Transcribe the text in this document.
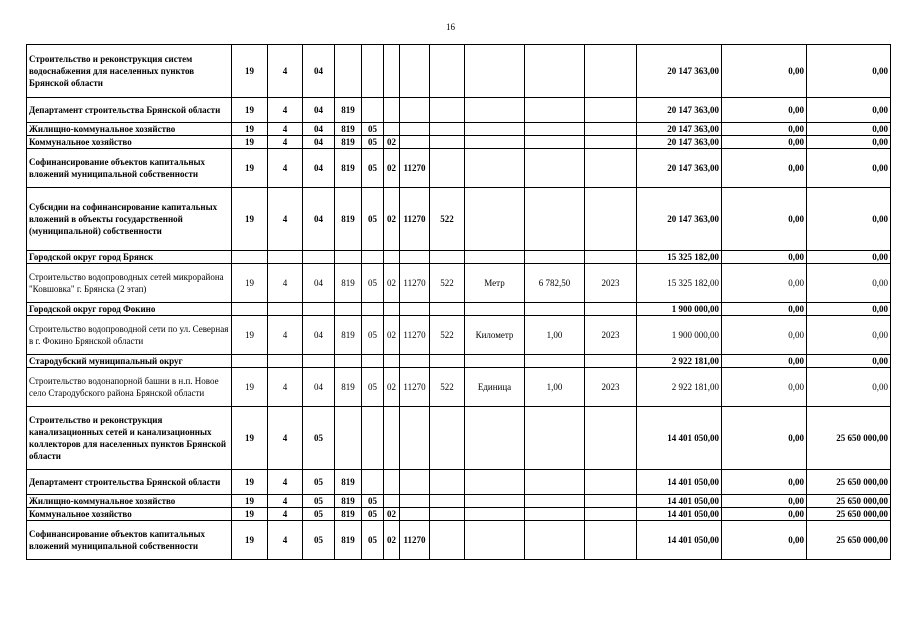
16
Строительство и реконструкция систем водоснабжения для населенных пунктов Брянской области	19	4	04									20 147 363,00	0,00	0,00
Департамент строительства Брянской области	19	4	04	819								20 147 363,00	0,00	0,00
Жилищно-коммунальное хозяйство	19	4	04	819	05							20 147 363,00	0,00	0,00
Коммунальное хозяйство	19	4	04	819	05	02						20 147 363,00	0,00	0,00
Софинансирование объектов капитальных вложений муниципальной собственности	19	4	04	819	05	02	11270					20 147 363,00	0,00	0,00
Субсидии на софинансирование капитальных вложений в объекты государственной (муниципальной) собственности	19	4	04	819	05	02	11270	522				20 147 363,00	0,00	0,00
Городской округ город Брянск												15 325 182,00	0,00	0,00
Строительство водопроводных сетей микрорайона "Ковшовка" г. Брянска (2 этап)	19	4	04	819	05	02	11270	522	Метр	6 782,50	2023	15 325 182,00	0,00	0,00
Городской округ город Фокино												1 900 000,00	0,00	0,00
Строительство водопроводной сети по ул. Северная в г. Фокино Брянской области	19	4	04	819	05	02	11270	522	Километр	1,00	2023	1 900 000,00	0,00	0,00
Стародубский муниципальный округ												2 922 181,00	0,00	0,00
Строительство водонапорной башни в н.п. Новое село Стародубского района Брянской области	19	4	04	819	05	02	11270	522	Единица	1,00	2023	2 922 181,00	0,00	0,00
Строительство и реконструкция канализационных сетей и канализационных коллекторов для населенных пунктов Брянской области	19	4	05									14 401 050,00	0,00	25 650 000,00
Департамент строительства Брянской области	19	4	05	819								14 401 050,00	0,00	25 650 000,00
Жилищно-коммунальное хозяйство	19	4	05	819	05							14 401 050,00	0,00	25 650 000,00
Коммунальное хозяйство	19	4	05	819	05	02						14 401 050,00	0,00	25 650 000,00
Софинансирование объектов капитальных вложений муниципальной собственности	19	4	05	819	05	02	11270					14 401 050,00	0,00	25 650 000,00
